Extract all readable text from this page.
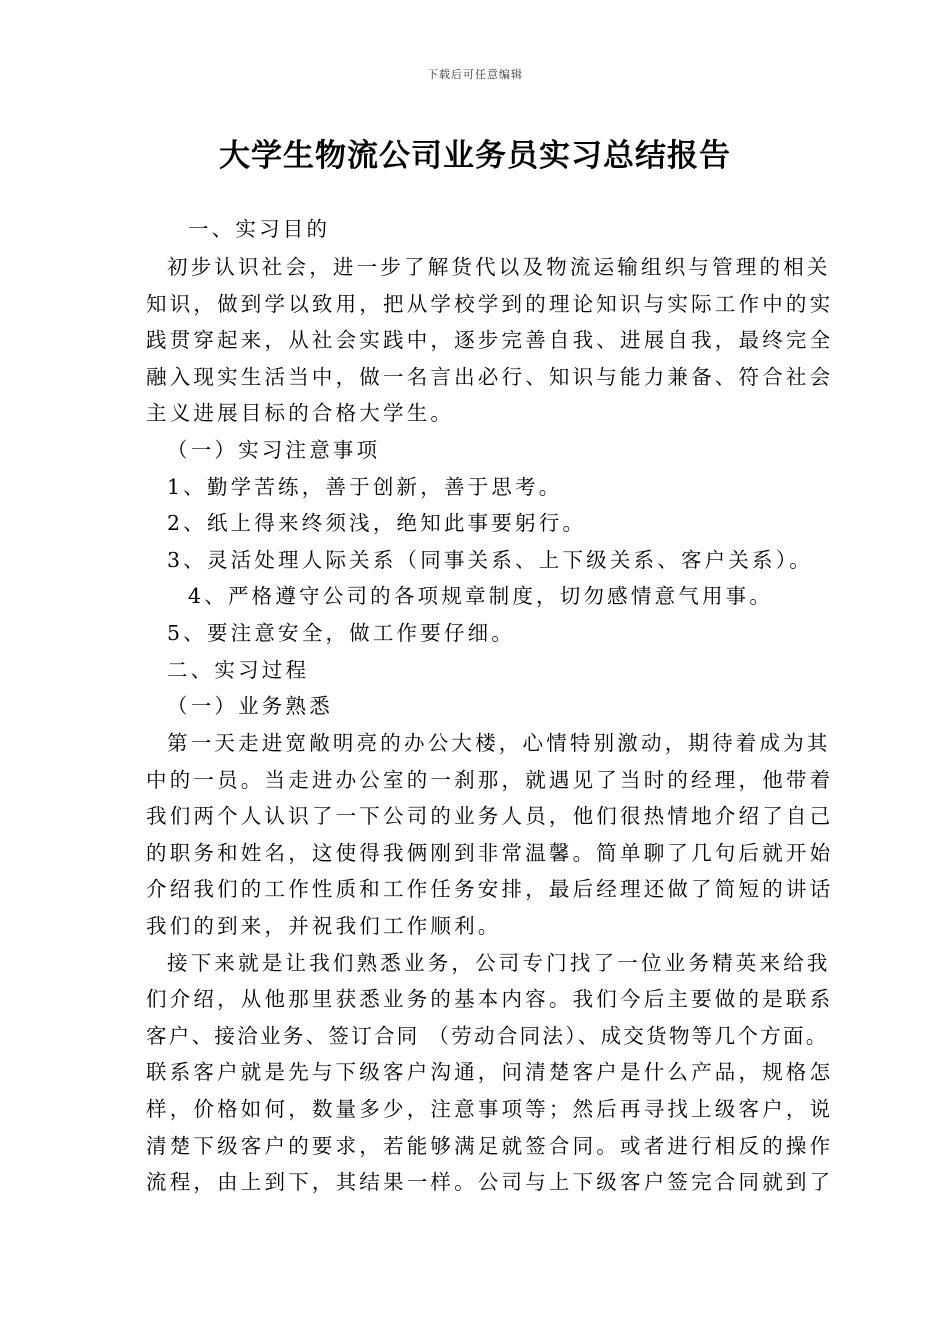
下载后可任意编辑
大学生物流公司业务员实习总结报告
一、实习目的
初步认识社会，进一步了解货代以及物流运输组织与管理的相关
知识，做到学以致用，把从学校学到的理论知识与实际工作中的实
践贯穿起来，从社会实践中，逐步完善自我、进展自我，最终完全
融入现实生活当中，做一名言出必行、知识与能力兼备、符合社会
主义进展目标的合格大学生。
（一）实习注意事项
1、勤学苦练，善于创新，善于思考。
2、纸上得来终须浅，绝知此事要躬行。
3、灵活处理人际关系（同事关系、上下级关系、客户关系）。
4、严格遵守公司的各项规章制度，切勿感情意气用事。
5、要注意安全，做工作要仔细。
二、实习过程
（一）业务熟悉
第一天走进宽敞明亮的办公大楼，心情特别激动，期待着成为其
中的一员。当走进办公室的一刹那，就遇见了当时的经理，他带着
我们两个人认识了一下公司的业务人员，他们很热情地介绍了自己
的职务和姓名，这使得我俩刚到非常温馨。简单聊了几句后就开始
介绍我们的工作性质和工作任务安排，最后经理还做了简短的讲话
我们的到来，并祝我们工作顺利。
接下来就是让我们熟悉业务，公司专门找了一位业务精英来给我
们介绍，从他那里获悉业务的基本内容。我们今后主要做的是联系
客户、接洽业务、签订合同 （劳动合同法）、成交货物等几个方面。
联系客户就是先与下级客户沟通，问清楚客户是什么产品，规格怎
样，价格如何，数量多少，注意事项等；然后再寻找上级客户，说
清楚下级客户的要求，若能够满足就签合同。或者进行相反的操作
流程，由上到下，其结果一样。公司与上下级客户签完合同就到了
